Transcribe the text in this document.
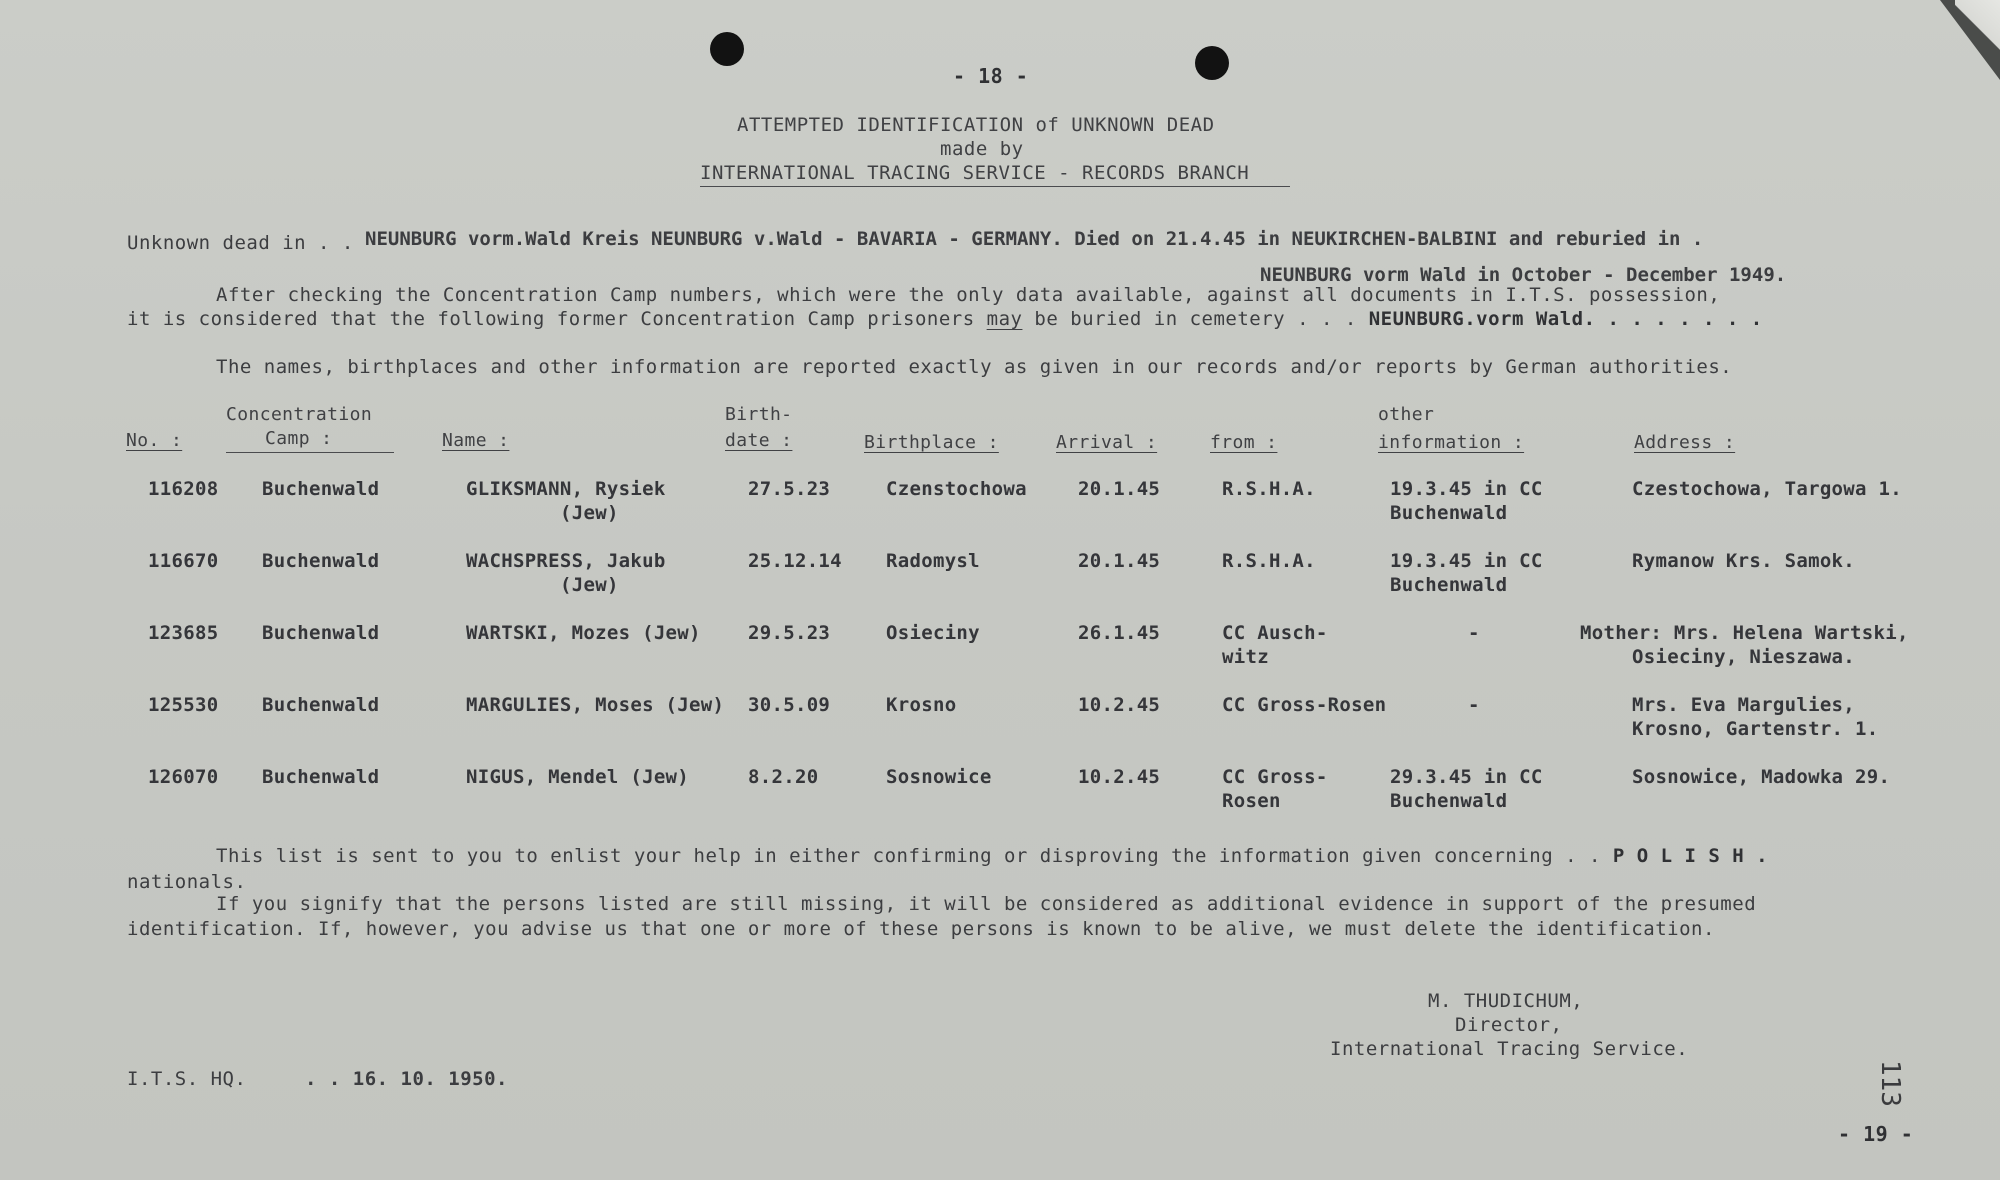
- 18 -
ATTEMPTED IDENTIFICATION of UNKNOWN DEAD
made by
INTERNATIONAL TRACING SERVICE - RECORDS BRANCH
Unknown dead in . . NEUNBURG vorm.Wald Kreis NEUNBURG v.Wald - BAVARIA - GERMANY. Died on 21.4.45 in NEUKIRCHEN-BALBINI and reburied in .
NEUNBURG vorm Wald in October - December 1949.
After checking the Concentration Camp numbers, which were the only data available, against all documents in I.T.S. possession,
it is considered that the following former Concentration Camp prisoners may be buried in cemetery . . . NEUNBURG.vorm Wald. . . . . . . .
The names, birthplaces and other information are reported exactly as given in our records and/or reports by German authorities.
Concentration	Birth-	other
No. :	Camp :	Name :	date :	Birthplace :	Arrival :	from :	information :	Address :
116208 Buchenwald	GLIKSMANN, Rysiek	27.5.23	Czenstochowa	20.1.45	R.S.H.A.	19.3.45 in CC	Czestochowa, Targowa 1.
(Jew)	Buchenwald
116670 Buchenwald	WACHSPRESS, Jakub	25.12.14 Radomysl	20.1.45	R.S.H.A.	19.3.45 in CC	Rymanow Krs. Samok.
(Jew)	Buchenwald
123685 Buchenwald	WARTSKI, Mozes (Jew) 29.5.23	Osieciny	26.1.45	CC Ausch-	-	Mother: Mrs. Helena Wartski,
witz	Osieciny, Nieszawa.
125530 Buchenwald	MARGULIES, Moses (Jew) 30.5.09	Krosno	10.2.45	CC Gross-Rosen	-	Mrs. Eva Margulies,
Krosno, Gartenstr. 1.
126070 Buchenwald	NIGUS, Mendel (Jew)	8.2.20	Sosnowice	10.2.45	CC Gross-	29.3.45 in CC	Sosnowice, Madowka 29.
Rosen	Buchenwald
This list is sent to you to enlist your help in either confirming or disproving the information given concerning . . P O L I S H .
nationals.
If you signify that the persons listed are still missing, it will be considered as additional evidence in support of the presumed
identification. If, however, you advise us that one or more of these persons is known to be alive, we must delete the identification.
M. THUDICHUM,
Director,
International Tracing Service.
I.T.S. HQ.	. . 16. 10. 1950.	113
- 19 -
